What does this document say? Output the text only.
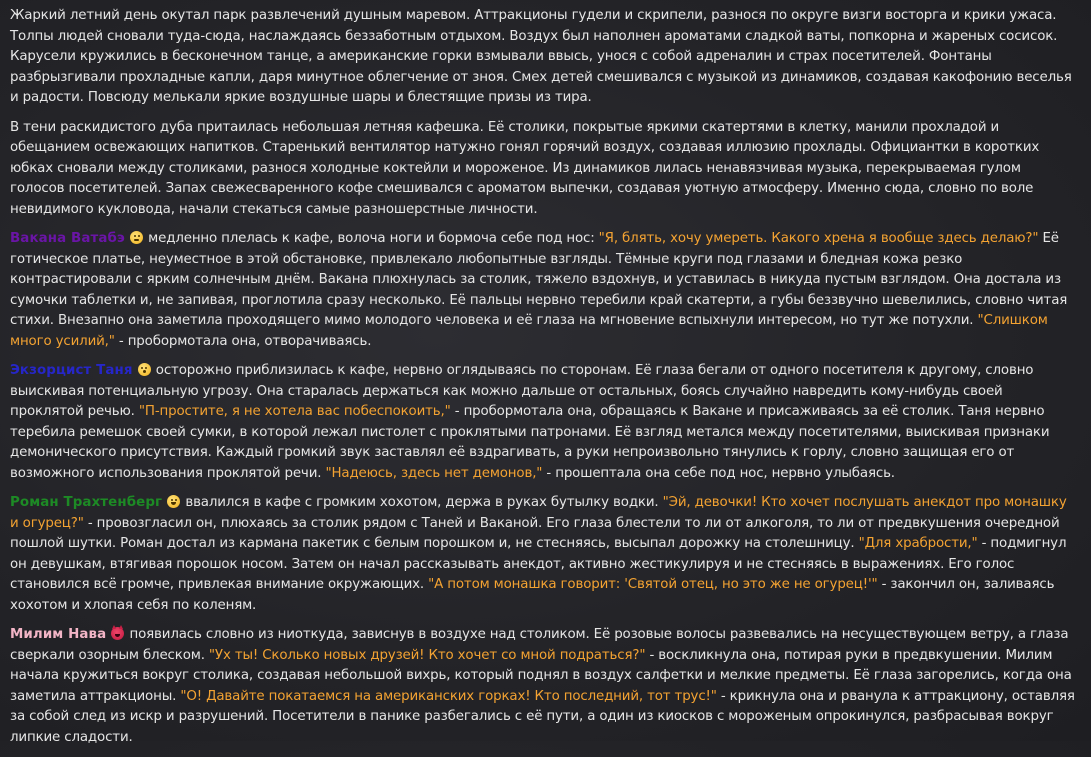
Жаркий летний день окутал парк развлечений душным маревом. Аттракционы гудели и скрипели, разнося по округе визги восторга и крики ужаса. Толпы людей сновали туда-сюда, наслаждаясь беззаботным отдыхом. Воздух был наполнен ароматами сладкой ваты, попкорна и жареных сосисок. Карусели кружились в бесконечном танце, а американские горки взмывали ввысь, унося с собой адреналин и страх посетителей. Фонтаны разбрызгивали прохладные капли, даря минутное облегчение от зноя. Смех детей смешивался с музыкой из динамиков, создавая какофонию веселья и радости. Повсюду мелькали яркие воздушные шары и блестящие призы из тира.

В тени раскидистого дуба притаилась небольшая летняя кафешка. Её столики, покрытые яркими скатертями в клетку, манили прохладой и обещанием освежающих напитков. Старенький вентилятор натужно гонял горячий воздух, создавая иллюзию прохлады. Официантки в коротких юбках сновали между столиками, разнося холодные коктейли и мороженое. Из динамиков лилась ненавязчивая музыка, перекрываемая гулом голосов посетителей. Запах свежесваренного кофе смешивался с ароматом выпечки, создавая уютную атмосферу. Именно сюда, словно по воле невидимого кукловода, начали стекаться самые разношерстные личности.

Вакана Ватабэ
медленно плелась к кафе, волоча ноги и бормоча себе под нос: "Я, блять, хочу умереть. Какого хрена я вообще здесь делаю?" Её готическое платье, неуместное в этой обстановке, привлекало любопытные взгляды. Тёмные круги под глазами и бледная кожа резко контрастировали с ярким солнечным днём. Вакана плюхнулась за столик, тяжело вздохнув, и уставилась в никуда пустым взглядом. Она достала из сумочки таблетки и, не запивая, проглотила сразу несколько. Её пальцы нервно теребили край скатерти, а губы беззвучно шевелились, словно читая стихи. Внезапно она заметила проходящего мимо молодого человека и её глаза на мгновение вспыхнули интересом, но тут же потухли. "Слишком много усилий," - пробормотала она, отворачиваясь.

Экзорцист Таня
осторожно приблизилась к кафе, нервно оглядываясь по сторонам. Её глаза бегали от одного посетителя к другому, словно выискивая потенциальную угрозу. Она старалась держаться как можно дальше от остальных, боясь случайно навредить кому-нибудь своей проклятой речью. "П-простите, я не хотела вас побеспокоить," - пробормотала она, обращаясь к Вакане и присаживаясь за её столик. Таня нервно теребила ремешок своей сумки, в которой лежал пистолет с проклятыми патронами. Её взгляд метался между посетителями, выискивая признаки демонического присутствия. Каждый громкий звук заставлял её вздрагивать, а руки непроизвольно тянулись к горлу, словно защищая его от возможного использования проклятой речи. "Надеюсь, здесь нет демонов," - прошептала она себе под нос, нервно улыбаясь.

Роман Трахтенберг
ввалился в кафе с громким хохотом, держа в руках бутылку водки. "Эй, девочки! Кто хочет послушать анекдот про монашку и огурец?" - провозгласил он, плюхаясь за столик рядом с Таней и Ваканой. Его глаза блестели то ли от алкоголя, то ли от предвкушения очередной пошлой шутки. Роман достал из кармана пакетик с белым порошком и, не стесняясь, высыпал дорожку на столешницу. "Для храбрости," - подмигнул он девушкам, втягивая порошок носом. Затем он начал рассказывать анекдот, активно жестикулируя и не стесняясь в выражениях. Его голос становился всё громче, привлекая внимание окружающих. "А потом монашка говорит: 'Святой отец, но это же не огурец!'" - закончил он, заливаясь хохотом и хлопая себя по коленям.

Милим Нава
появилась словно из ниоткуда, зависнув в воздухе над столиком. Её розовые волосы развевались на несуществующем ветру, а глаза сверкали озорным блеском. "Ух ты! Сколько новых друзей! Кто хочет со мной подраться?" - воскликнула она, потирая руки в предвкушении. Милим начала кружиться вокруг столика, создавая небольшой вихрь, который поднял в воздух салфетки и мелкие предметы. Её глаза загорелись, когда она заметила аттракционы. "О! Давайте покатаемся на американских горках! Кто последний, тот трус!" - крикнула она и рванула к аттракциону, оставляя за собой след из искр и разрушений. Посетители в панике разбегались с её пути, а один из киосков с мороженым опрокинулся, разбрасывая вокруг липкие сладости.
